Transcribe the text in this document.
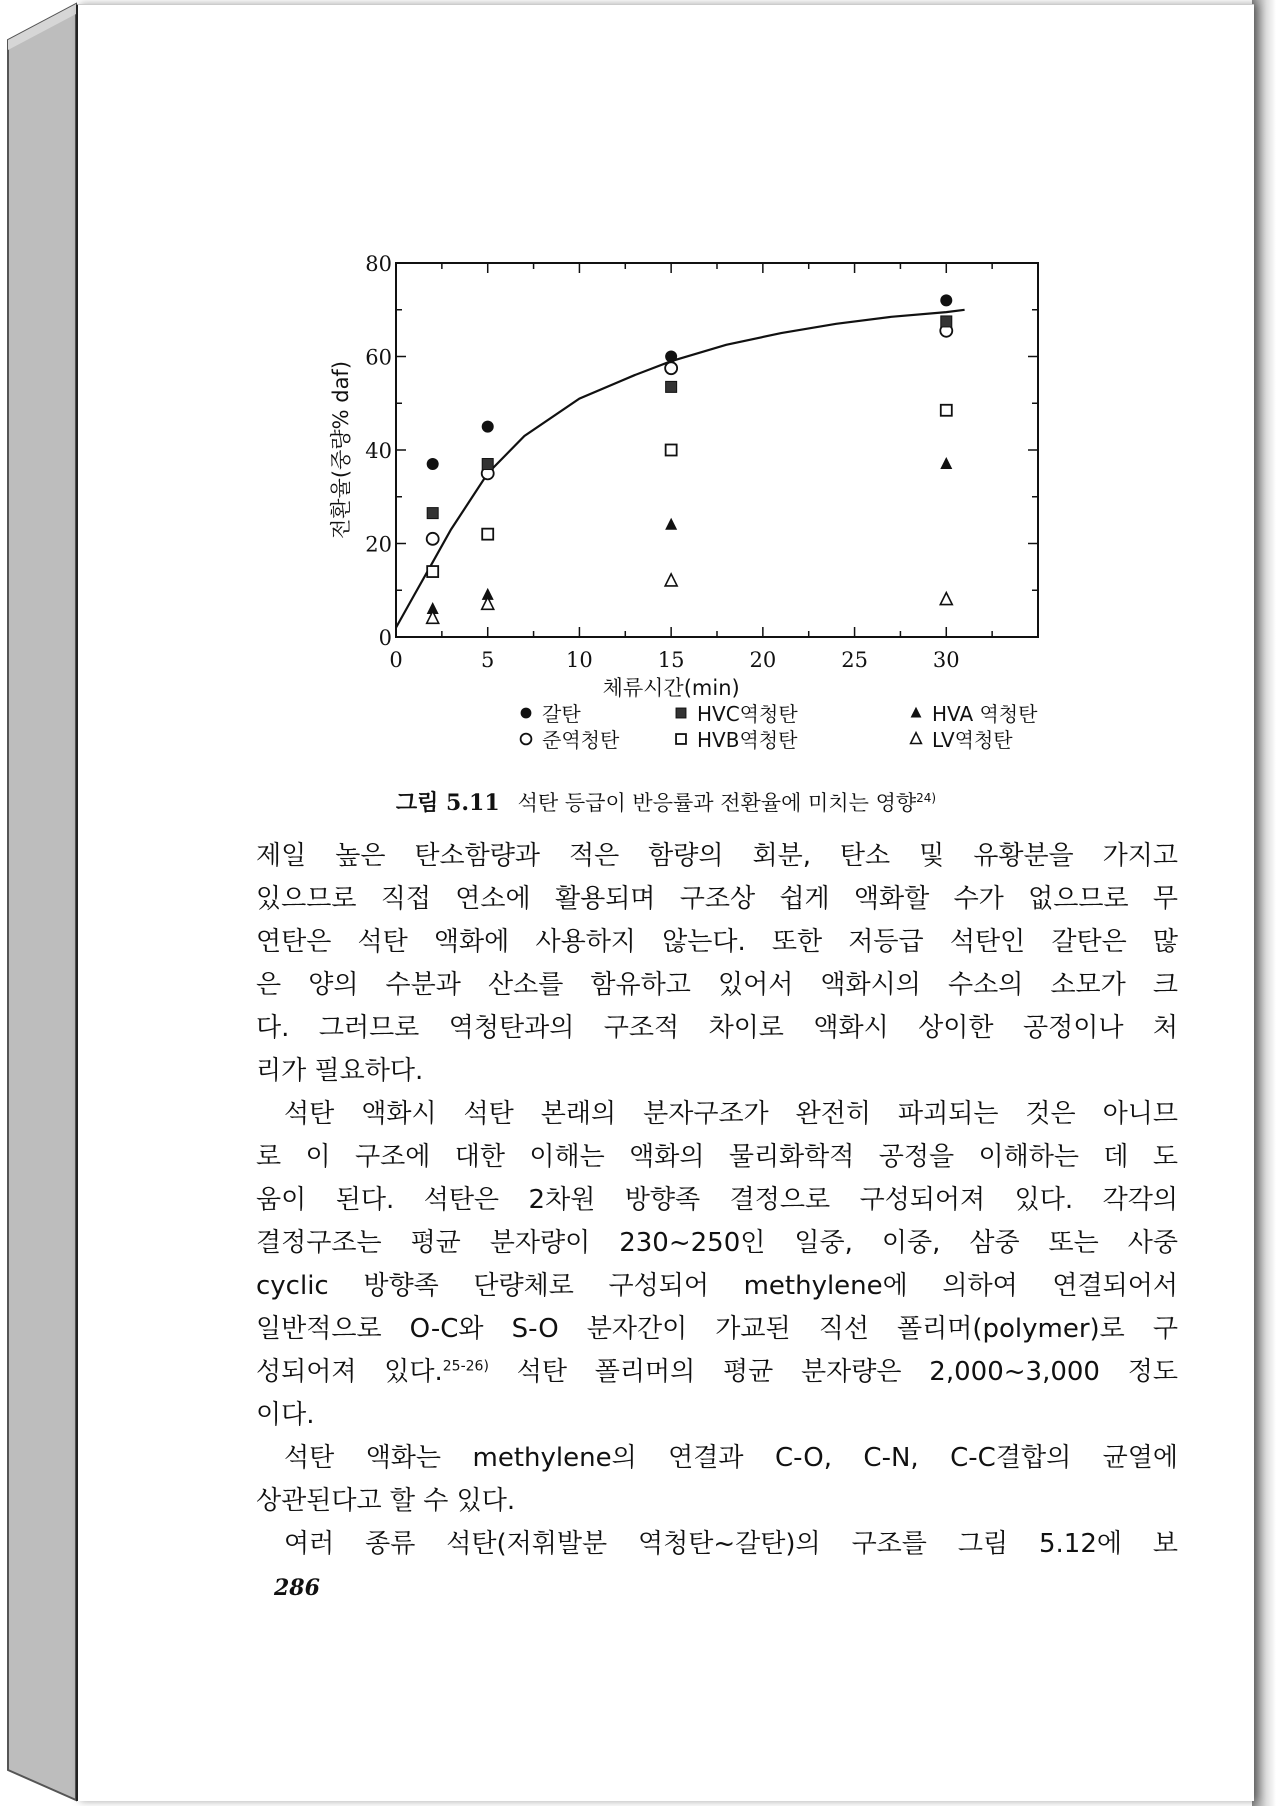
0	5	10	15	20	25	30
0
20
40
60
80
체류시간(min)
전환율(중량% daf)
갈탄	HVC역청탄	HVA 역청탄
준역청탄	HVB역청탄	LV역청탄
그림 5.11 석탄 등급이 반응률과 전환율에 미치는 영향$^{24)}$
제일 높은 탄소함량과 적은 함량의 회분, 탄소 및 유황분을 가지고
있으므로 직접 연소에 활용되며 구조상 쉽게 액화할 수가 없으므로 무
연탄은 석탄 액화에 사용하지 않는다. 또한 저등급 석탄인 갈탄은 많
은 양의 수분과 산소를 함유하고 있어서 액화시의 수소의 소모가 크
다. 그러므로 역청탄과의 구조적 차이로 액화시 상이한 공정이나 처
리가 필요하다.
석탄 액화시 석탄 본래의 분자구조가 완전히 파괴되는 것은 아니므
로 이 구조에 대한 이해는 액화의 물리화학적 공정을 이해하는 데 도
움이 된다. 석탄은 2차원 방향족 결정으로 구성되어져 있다. 각각의
결정구조는 평균 분자량이 230~250인 일중, 이중, 삼중 또는 사중
cyclic 방향족 단량체로 구성되어 methylene에 의하여 연결되어서
일반적으로 O-C와 S-O 분자간이 가교된 직선 폴리머(polymer)로 구
성되어져 있다.$^{25-26)}$ 석탄 폴리머의 평균 분자량은 2,000~3,000 정도
이다.
석탄 액화는 methylene의 연결과 C-O, C-N, C-C결합의 균열에
상관된다고 할 수 있다.
여러 종류 석탄(저휘발분 역청탄~갈탄)의 구조를 그림 5.12에 보
286
